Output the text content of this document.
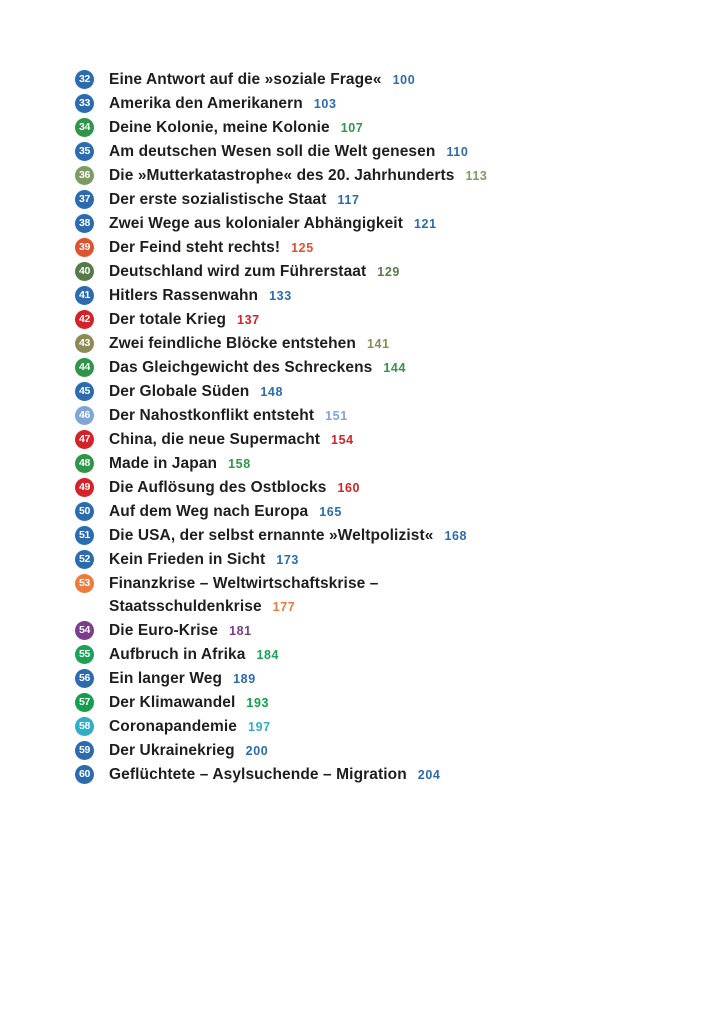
32 Eine Antwort auf die »soziale Frage« 100
33 Amerika den Amerikanern 103
34 Deine Kolonie, meine Kolonie 107
35 Am deutschen Wesen soll die Welt genesen 110
36 Die »Mutterkatastrophe« des 20. Jahrhunderts 113
37 Der erste sozialistische Staat 117
38 Zwei Wege aus kolonialer Abhängigkeit 121
39 Der Feind steht rechts! 125
40 Deutschland wird zum Führerstaat 129
41 Hitlers Rassenwahn 133
42 Der totale Krieg 137
43 Zwei feindliche Blöcke entstehen 141
44 Das Gleichgewicht des Schreckens 144
45 Der Globale Süden 148
46 Der Nahostkonflikt entsteht 151
47 China, die neue Supermacht 154
48 Made in Japan 158
49 Die Auflösung des Ostblocks 160
50 Auf dem Weg nach Europa 165
51 Die USA, der selbst ernannte »Weltpolizist« 168
52 Kein Frieden in Sicht 173
53 Finanzkrise – Weltwirtschaftskrise –
Staatsschuldenkrise 177
54 Die Euro-Krise 181
55 Aufbruch in Afrika 184
56 Ein langer Weg 189
57 Der Klimawandel 193
58 Coronapandemie 197
59 Der Ukrainekrieg 200
60 Geflüchtete – Asylsuchende – Migration 204
